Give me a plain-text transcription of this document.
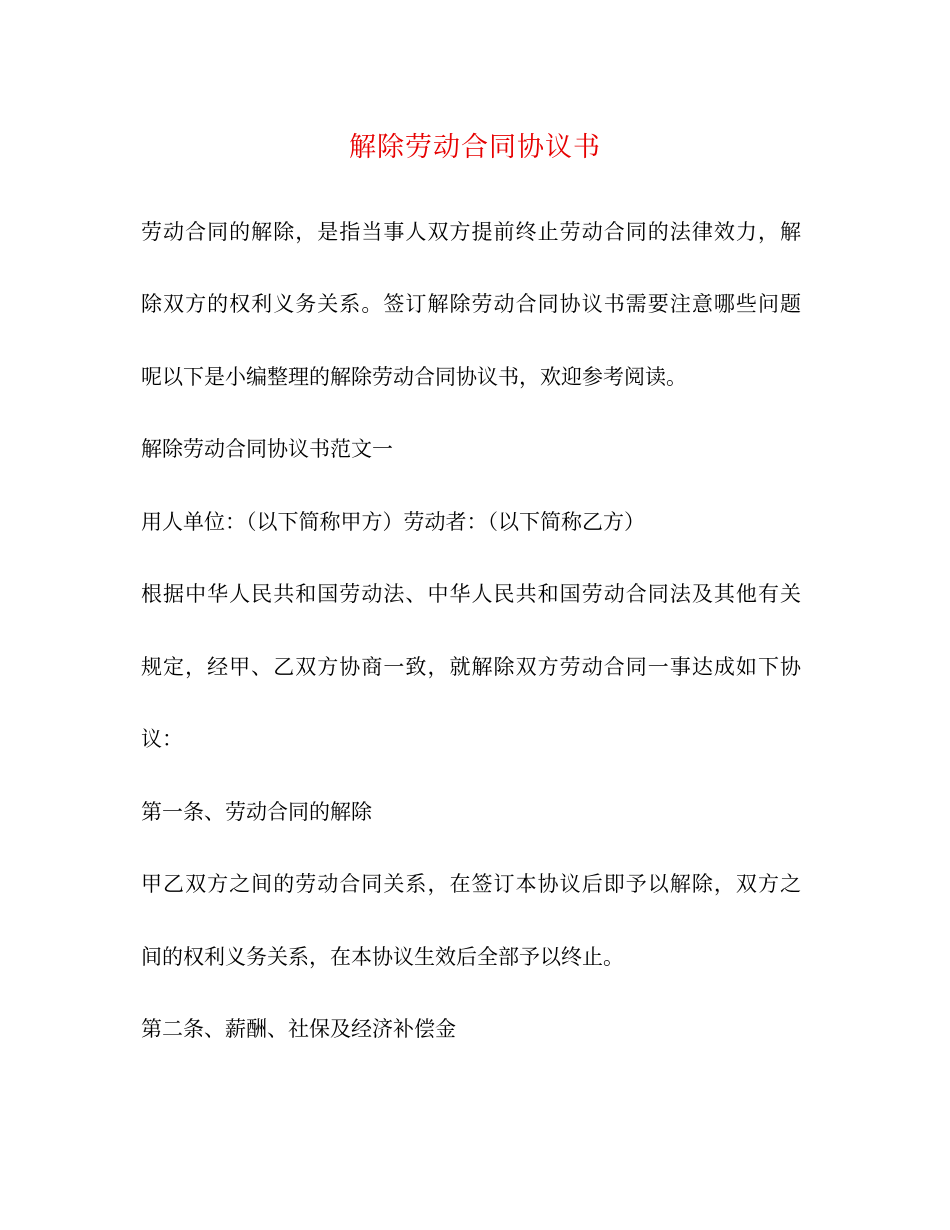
解除劳动合同协议书
劳动合同的解除，是指当事人双方提前终止劳动合同的法律效力，解
除双方的权利义务关系。签订解除劳动合同协议书需要注意哪些问题
呢以下是小编整理的解除劳动合同协议书，欢迎参考阅读。
解除劳动合同协议书范文一
用人单位：（以下简称甲方）劳动者：（以下简称乙方）
根据中华人民共和国劳动法、中华人民共和国劳动合同法及其他有关
规定，经甲、乙双方协商一致，就解除双方劳动合同一事达成如下协
议：
第一条、劳动合同的解除
甲乙双方之间的劳动合同关系，在签订本协议后即予以解除，双方之
间的权利义务关系，在本协议生效后全部予以终止。
第二条、薪酬、社保及经济补偿金
